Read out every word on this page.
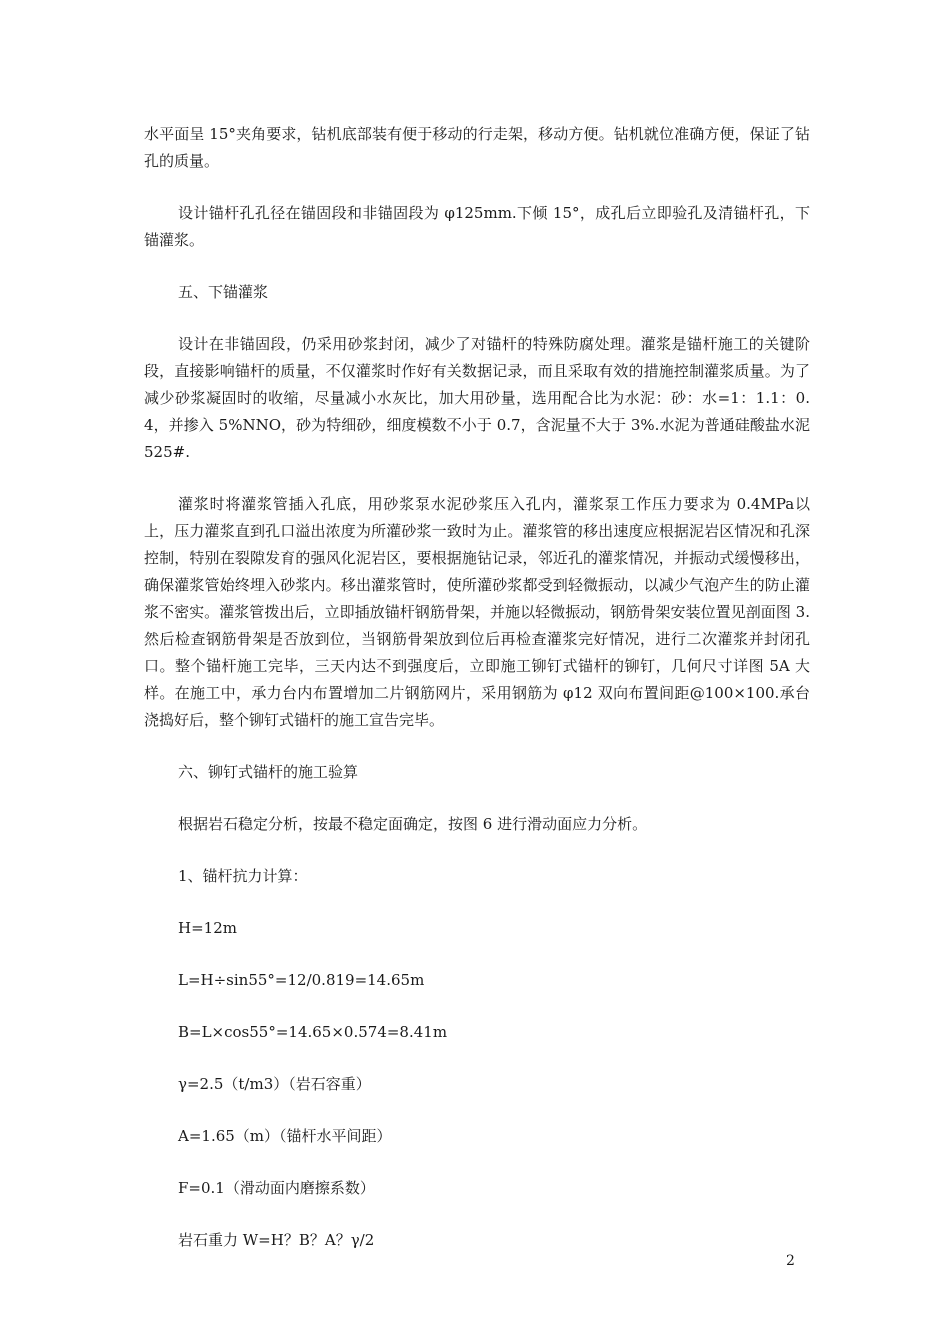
水平面呈 15°夹角要求，钻机底部装有便于移动的行走架，移动方便。钻机就位准确方便，保证了钻孔的质量。

设计锚杆孔孔径在锚固段和非锚固段为 φ125mm.下倾 15°，成孔后立即验孔及清锚杆孔，下锚灌浆。

五、下锚灌浆

设计在非锚固段，仍采用砂浆封闭，减少了对锚杆的特殊防腐处理。灌浆是锚杆施工的关键阶段，直接影响锚杆的质量，不仅灌浆时作好有关数据记录，而且采取有效的措施控制灌浆质量。为了减少砂浆凝固时的收缩，尽量减小水灰比，加大用砂量，选用配合比为水泥：砂：水=1：1.1：0.4，并掺入 5%NNO，砂为特细砂，细度模数不小于 0.7，含泥量不大于 3%.水泥为普通硅酸盐水泥 525#.

灌浆时将灌浆管插入孔底，用砂浆泵水泥砂浆压入孔内，灌浆泵工作压力要求为 0.4MPa以上，压力灌浆直到孔口溢出浓度为所灌砂浆一致时为止。灌浆管的移出速度应根据泥岩区情况和孔深控制，特别在裂隙发育的强风化泥岩区，要根据施钻记录，邻近孔的灌浆情况，并振动式缓慢移出，确保灌浆管始终埋入砂浆内。移出灌浆管时，使所灌砂浆都受到轻微振动，以减少气泡产生的防止灌浆不密实。灌浆管拨出后，立即插放锚杆钢筋骨架，并施以轻微振动，钢筋骨架安装位置见剖面图 3.然后检查钢筋骨架是否放到位，当钢筋骨架放到位后再检查灌浆完好情况，进行二次灌浆并封闭孔口。整个锚杆施工完毕，三天内达不到强度后，立即施工铆钉式锚杆的铆钉，几何尺寸详图 5A 大样。在施工中，承力台内布置增加二片钢筋网片，采用钢筋为 φ12 双向布置间距@100×100.承台浇捣好后，整个铆钉式锚杆的施工宣告完毕。

六、铆钉式锚杆的施工验算
根据岩石稳定分析，按最不稳定面确定，按图 6 进行滑动面应力分析。
1、锚杆抗力计算：
H=12m
L=H÷sin55°=12/0.819=14.65m
B=L×cos55°=14.65×0.574=8.41m
γ=2.5（t/m3）（岩石容重）
A=1.65（m）（锚杆水平间距）
F=0.1（滑动面内磨擦系数）
岩石重力 W=H？B？A？γ/2
2
